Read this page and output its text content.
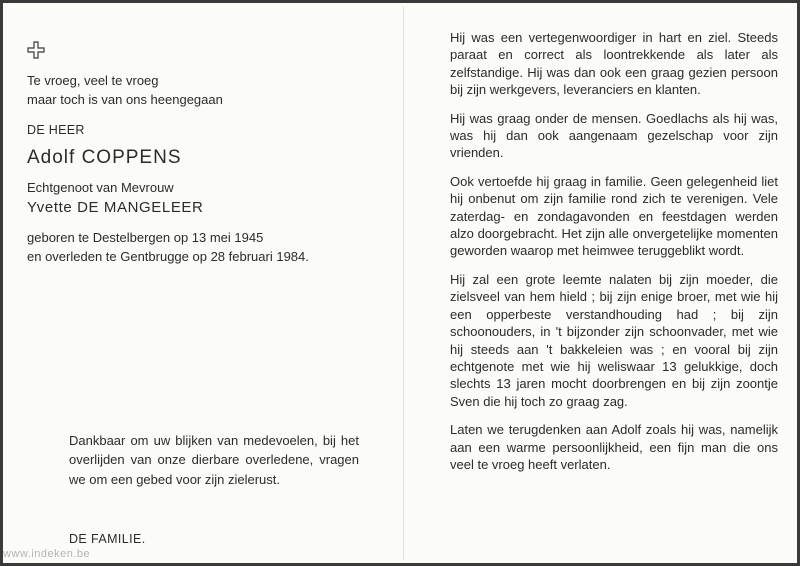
Te vroeg, veel te vroeg

maar toch is van ons heengegaan

DE HEER

Adolf COPPENS

Echtgenoot van Mevrouw

Yvette DE MANGELEER

geboren te Destelbergen op 13 mei 1945

en overleden te Gentbrugge op 28 februari 1984.

Dankbaar om uw blijken van medevoelen, bij het overlijden van onze dierbare overledene, vragen we om een gebed voor zijn zielerust.

DE FAMILIE.

Hij was een vertegenwoordiger in hart en ziel. Steeds paraat en correct als loontrekkende als later als zelfstandige. Hij was dan ook een graag gezien persoon bij zijn werkgevers, leveranciers en klanten.

Hij was graag onder de mensen. Goedlachs als hij was, was hij dan ook aangenaam gezelschap voor zijn vrienden.

Ook vertoefde hij graag in familie. Geen gelegenheid liet hij onbenut om zijn familie rond zich te verenigen. Vele zaterdag- en zondagavonden en feestdagen werden alzo doorgebracht. Het zijn alle onvergetelijke momenten geworden waarop met heimwee teruggeblikt wordt.

Hij zal een grote leemte nalaten bij zijn moeder, die zielsveel van hem hield ; bij zijn enige broer, met wie hij een opperbeste verstandhouding had ; bij zijn schoonouders, in 't bijzonder zijn schoonvader, met wie hij steeds aan 't bakkeleien was ; en vooral bij zijn echtgenote met wie hij weliswaar 13 gelukkige, doch slechts 13 jaren mocht doorbrengen en bij zijn zoontje Sven die hij toch zo graag zag.

Laten we terugdenken aan Adolf zoals hij was, namelijk aan een warme persoonlijkheid, een fijn man die ons veel te vroeg heeft verlaten.

www.indeken.be
